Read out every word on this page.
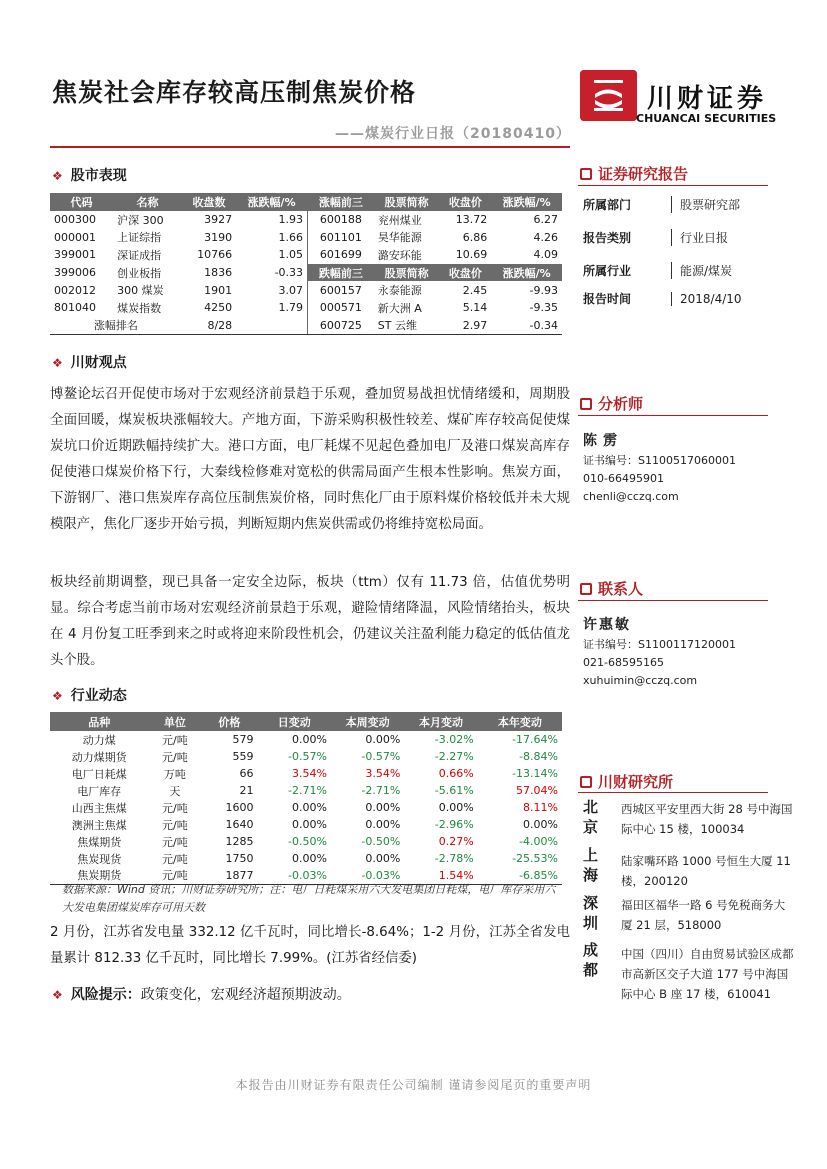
焦炭社会库存较高压制焦炭价格
——煤炭行业日报（20180410）
川财证券
CHUANCAI SECURITIES
❖ 股市表现
代码	名称	收盘数	涨跌幅/%	涨幅前三	股票简称	收盘价	涨跌幅/%
000300	沪深 300	3927	1.93	600188	兖州煤业	13.72	6.27
000001	上证综指	3190	1.66	601101	昊华能源	6.86	4.26
399001	深证成指	10766	1.05	601699	潞安环能	10.69	4.09
399006	创业板指	1836	-0.33	跌幅前三	股票简称	收盘价	涨跌幅/%
002012	300 煤炭	1901	3.07	600157	永泰能源	2.45	-9.93
801040	煤炭指数	4250	1.79	000571	新大洲 A	5.14	-9.35
涨幅排名		8/28		600725	ST 云维	2.97	-0.34
❖ 川财观点
博鳌论坛召开促使市场对于宏观经济前景趋于乐观，叠加贸易战担忧情绪缓和，周期股全面回暖，煤炭板块涨幅较大。产地方面，下游采购积极性较差、煤矿库存较高促使煤炭坑口价近期跌幅持续扩大。港口方面，电厂耗煤不见起色叠加电厂及港口煤炭高库存促使港口煤炭价格下行，大秦线检修难对宽松的供需局面产生根本性影响。焦炭方面，下游钢厂、港口焦炭库存高位压制焦炭价格，同时焦化厂由于原料煤价格较低并未大规模限产，焦化厂逐步开始亏损，判断短期内焦炭供需或仍将维持宽松局面。
板块经前期调整，现已具备一定安全边际，板块（ttm）仅有 11.73 倍，估值优势明显。综合考虑当前市场对宏观经济前景趋于乐观，避险情绪降温，风险情绪抬头，板块在 4 月份复工旺季到来之时或将迎来阶段性机会，仍建议关注盈利能力稳定的低估值龙头个股。
❖ 行业动态
品种	单位	价格	日变动	本周变动	本月变动	本年变动
动力煤	元/吨	579	0.00%	0.00%	-3.02%	-17.64%
动力煤期货	元/吨	559	-0.57%	-0.57%	-2.27%	-8.84%
电厂日耗煤	万吨	66	3.54%	3.54%	0.66%	-13.14%
电厂库存	天	21	-2.71%	-2.71%	-5.61%	57.04%
山西主焦煤	元/吨	1600	0.00%	0.00%	0.00%	8.11%
澳洲主焦煤	元/吨	1640	0.00%	0.00%	-2.96%	0.00%
焦煤期货	元/吨	1285	-0.50%	-0.50%	0.27%	-4.00%
焦炭现货	元/吨	1750	0.00%	0.00%	-2.78%	-25.53%
焦炭期货	元/吨	1877	-0.03%	-0.03%	1.54%	-6.85%
数据来源：Wind 资讯；川财证券研究所；注：电厂日耗煤采用六大发电集团日耗煤，电厂库存采用六大发电集团煤炭库存可用天数
2 月份，江苏省发电量 332.12 亿千瓦时，同比增长-8.64%；1-2 月份，江苏全省发电量累计 812.33 亿千瓦时，同比增长 7.99%。(江苏省经信委)
❖ 风险提示：政策变化，宏观经济超预期波动。
证券研究报告
所属部门	股票研究部
报告类别	行业日报
所属行业	能源/煤炭
报告时间	2018/4/10
分析师
陈雳
证书编号：S1100517060001
010-66495901
chenli@cczq.com
联系人
许惠敏
证书编号：S1100117120001
021-68595165
xuhuimin@cczq.com
川财研究所
北京
西城区平安里西大街 28 号中海国际中心 15 楼，100034
上海
陆家嘴环路 1000 号恒生大厦 11 楼，200120
深圳
福田区福华一路 6 号免税商务大厦 21 层，518000
成都
中国（四川）自由贸易试验区成都市高新区交子大道 177 号中海国际中心 B 座 17 楼，610041
本报告由川财证券有限责任公司编制 谨请参阅尾页的重要声明
